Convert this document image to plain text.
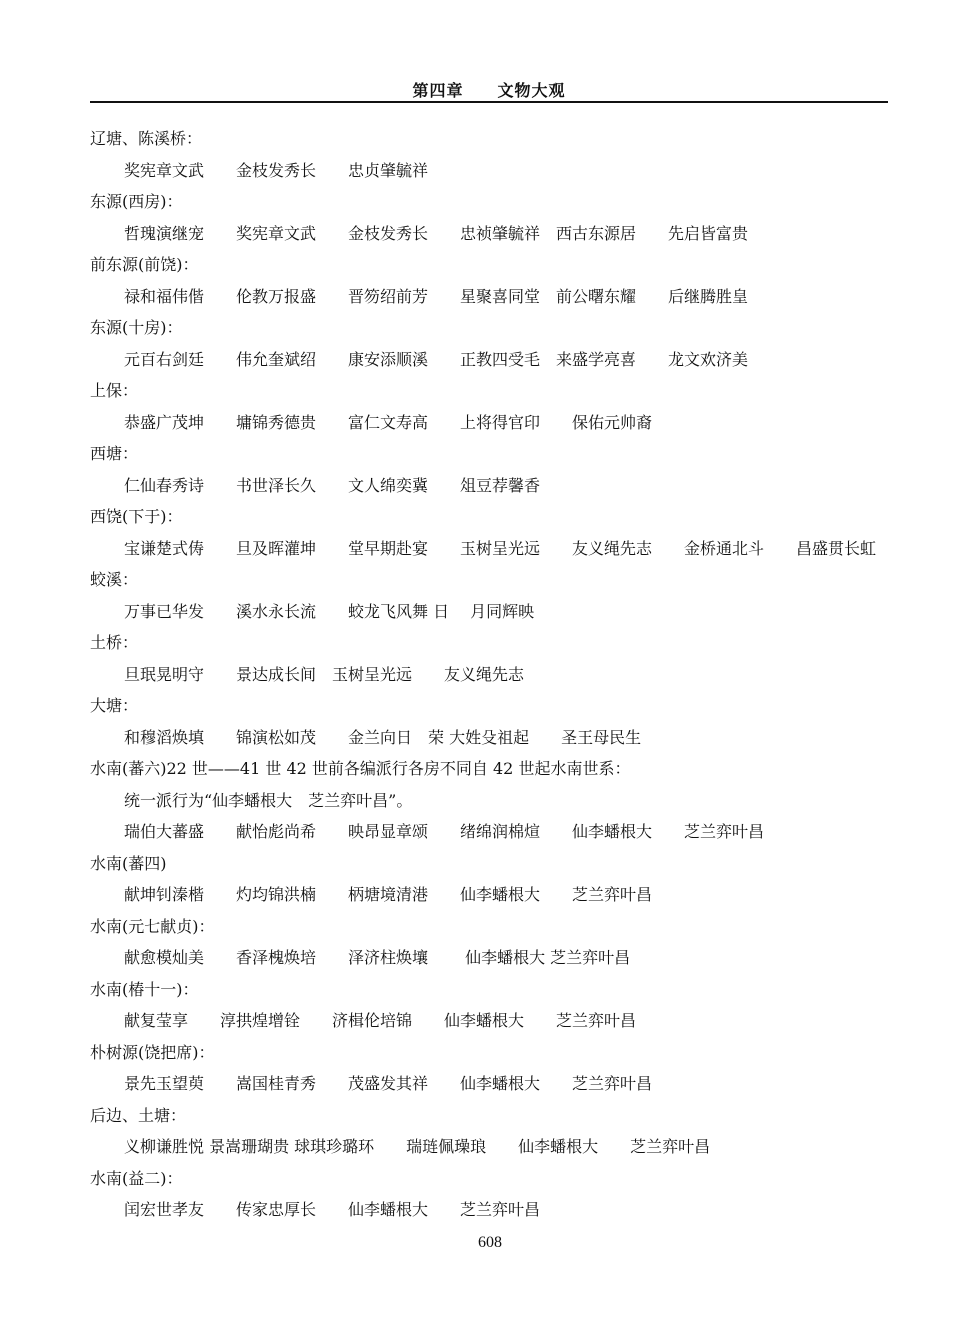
第四章　　文物大观
辽塘、陈溪桥：
奖宪章文武　　金枝发秀长　　忠贞肇毓祥
东源(西房)：
哲瑰演继宠　　奖宪章文武　　金枝发秀长　　忠祯肇毓祥　西古东源居　　先启皆富贵
前东源(前饶)：
禄和福伟偕　　伦教万报盛　　晋笏绍前芳　　星聚喜同堂　前公曙东耀　　后继腾胜皇
东源(十房)：
元百右剑廷　　伟允奎斌绍　　康安添顺溪　　正教四受毛　来盛学亮喜　　龙文欢济美
上保：
恭盛广茂坤　　墉锦秀德贵　　富仁文寿高　　上将得官印　　保佑元帅裔
西塘：
仁仙春秀诗　　书世泽长久　　文人绵奕冀　　俎豆荐馨香
西饶(下于)：
宝谦楚式俦　　旦及晖灌坤　　堂早期赴宴　　玉树呈光远　　友义绳先志　　金桥通北斗　　昌盛贯长虹
蛟溪：
万事已华发　　溪水永长流　　蛟龙飞风舞 日　 月同辉映
土桥：
旦珉晃明守　　景达成长间　玉树呈光远　　友义绳先志
大塘：
和穆滔焕填　　锦演松如茂　　金兰向日　荣 大姓殳祖起　　圣王母民生
水南(蕃六)22 世——41 世 42 世前各编派行各房不同自 42 世起水南世系：
统一派行为“仙李蟠根大　芝兰弈叶昌”。
瑞伯大蕃盛　　献怡彪尚希　　映昂显章颂　　绪绵润棉煊　　仙李蟠根大　　芝兰弈叶昌
水南(蕃四)
献坤钊溱楷　　灼均锦洪楠　　柄塘境清港　　仙李蟠根大　　芝兰弈叶昌
水南(元七献贞)：
献愈模灿美　　香泽槐焕培　　泽济柱焕壤　　 仙李蟠根大 芝兰弈叶昌
水南(椿十一)：
献复莹享　　淳拱煌增铨　　济楫伦培锦　　仙李蟠根大　　芝兰弈叶昌
朴树源(饶把席)：
景先玉望萸　　嵩国桂青秀　　茂盛发其祥　　仙李蟠根大　　芝兰弈叶昌
后边、土塘：
义柳谦胜悦 景嵩珊瑚贵 球琪珍璐环　　瑞琏佩璪琅　　仙李蟠根大　　芝兰弈叶昌
水南(益二)：
闰宏世孝友　　传家忠厚长　　仙李蟠根大　　芝兰弈叶昌
608
